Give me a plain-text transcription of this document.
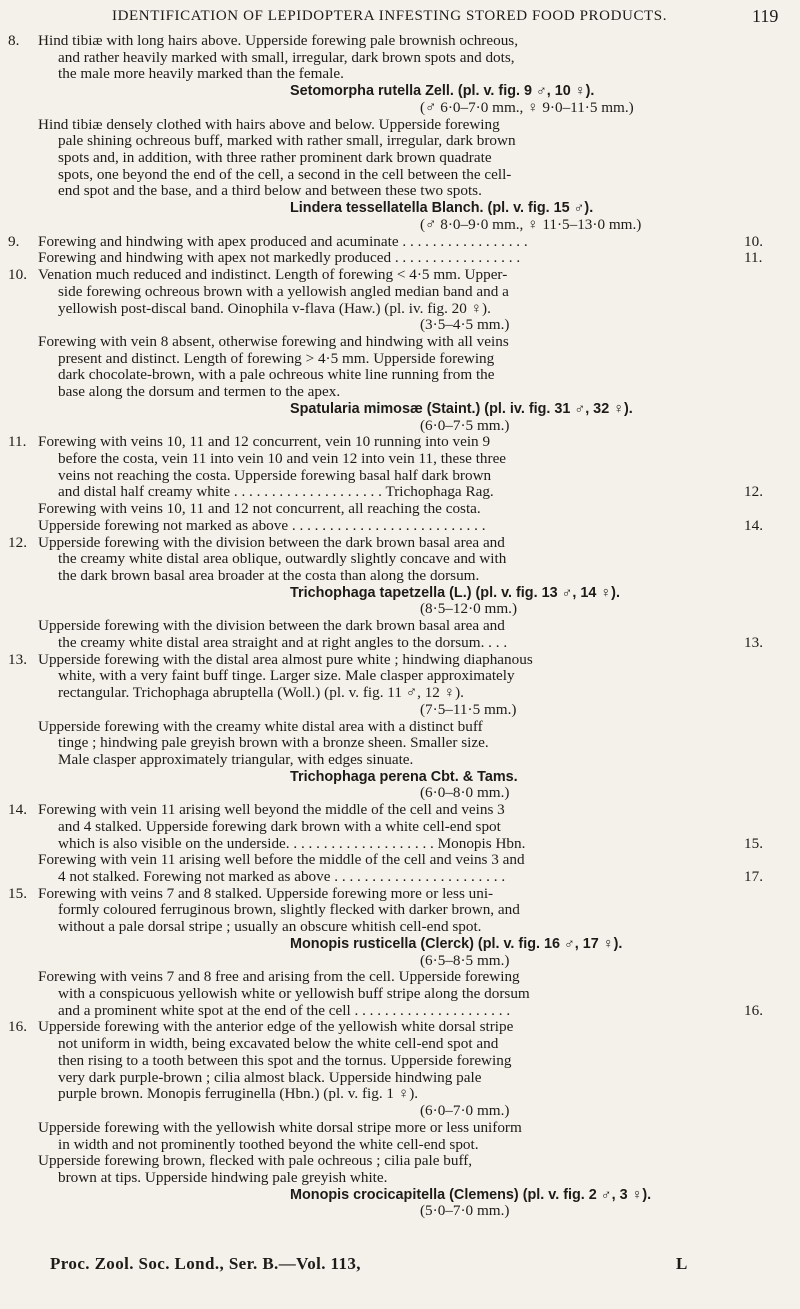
IDENTIFICATION OF LEPIDOPTERA INFESTING STORED FOOD PRODUCTS.	119
8.	Hind tibiæ with long hairs above. Upperside forewing pale brownish ochreous,
and rather heavily marked with small, irregular, dark brown spots and dots,
the male more heavily marked than the female.
Setomorpha rutella Zell. (pl. v. fig. 9 ♂, 10 ♀).
(♂ 6·0–7·0 mm., ♀ 9·0–11·5 mm.)
Hind tibiæ densely clothed with hairs above and below. Upperside forewing
pale shining ochreous buff, marked with rather small, irregular, dark brown
spots and, in addition, with three rather prominent dark brown quadrate
spots, one beyond the end of the cell, a second in the cell between the cell-
end spot and the base, and a third below and between these two spots.
Lindera tessellatella Blanch. (pl. v. fig. 15 ♂).
(♂ 8·0–9·0 mm., ♀ 11·5–13·0 mm.)
9.	Forewing and hindwing with apex produced and acuminate . . . . . . . . . . . . . . . . .	10.
Forewing and hindwing with apex not markedly produced . . . . . . . . . . . . . . . . .	11.
10. Venation much reduced and indistinct. Length of forewing < 4·5 mm. Upper-
side forewing ochreous brown with a yellowish angled median band and a
yellowish post-discal band. Oinophila v-flava (Haw.) (pl. iv. fig. 20 ♀).
(3·5–4·5 mm.)
Forewing with vein 8 absent, otherwise forewing and hindwing with all veins
present and distinct. Length of forewing > 4·5 mm. Upperside forewing
dark chocolate-brown, with a pale ochreous white line running from the
base along the dorsum and termen to the apex.
Spatularia mimosæ (Staint.) (pl. iv. fig. 31 ♂, 32 ♀).
(6·0–7·5 mm.)
11. Forewing with veins 10, 11 and 12 concurrent, vein 10 running into vein 9
before the costa, vein 11 into vein 10 and vein 12 into vein 11, these three
veins not reaching the costa. Upperside forewing basal half dark brown
and distal half creamy white . . . . . . . . . . . . . . . . . . . . Trichophaga Rag.	12.
Forewing with veins 10, 11 and 12 not concurrent, all reaching the costa.
Upperside forewing not marked as above . . . . . . . . . . . . . . . . . . . . . . . . . .	14.
12. Upperside forewing with the division between the dark brown basal area and
the creamy white distal area oblique, outwardly slightly concave and with
the dark brown basal area broader at the costa than along the dorsum.
Trichophaga tapetzella (L.) (pl. v. fig. 13 ♂, 14 ♀).
(8·5–12·0 mm.)
Upperside forewing with the division between the dark brown basal area and
the creamy white distal area straight and at right angles to the dorsum. . . .	13.
13. Upperside forewing with the distal area almost pure white ; hindwing diaphanous
white, with a very faint buff tinge. Larger size. Male clasper approximately
rectangular. Trichophaga abruptella (Woll.) (pl. v. fig. 11 ♂, 12 ♀).
(7·5–11·5 mm.)
Upperside forewing with the creamy white distal area with a distinct buff
tinge ; hindwing pale greyish brown with a bronze sheen. Smaller size.
Male clasper approximately triangular, with edges sinuate.
Trichophaga perena Cbt. & Tams.
(6·0–8·0 mm.)
14. Forewing with vein 11 arising well beyond the middle of the cell and veins 3
and 4 stalked. Upperside forewing dark brown with a white cell-end spot
which is also visible on the underside. . . . . . . . . . . . . . . . . . . . Monopis Hbn.	15.
Forewing with vein 11 arising well before the middle of the cell and veins 3 and
4 not stalked. Forewing not marked as above . . . . . . . . . . . . . . . . . . . . . . .	17.
15. Forewing with veins 7 and 8 stalked. Upperside forewing more or less uni-
formly coloured ferruginous brown, slightly flecked with darker brown, and
without a pale dorsal stripe ; usually an obscure whitish cell-end spot.
Monopis rusticella (Clerck) (pl. v. fig. 16 ♂, 17 ♀).
(6·5–8·5 mm.)
Forewing with veins 7 and 8 free and arising from the cell. Upperside forewing
with a conspicuous yellowish white or yellowish buff stripe along the dorsum
and a prominent white spot at the end of the cell . . . . . . . . . . . . . . . . . . . . .	16.
16. Upperside forewing with the anterior edge of the yellowish white dorsal stripe
not uniform in width, being excavated below the white cell-end spot and
then rising to a tooth between this spot and the tornus. Upperside forewing
very dark purple-brown ; cilia almost black. Upperside hindwing pale
purple brown. Monopis ferruginella (Hbn.) (pl. v. fig. 1 ♀).
(6·0–7·0 mm.)
Upperside forewing with the yellowish white dorsal stripe more or less uniform
in width and not prominently toothed beyond the white cell-end spot.
Upperside forewing brown, flecked with pale ochreous ; cilia pale buff,
brown at tips. Upperside hindwing pale greyish white.
Monopis crocicapitella (Clemens) (pl. v. fig. 2 ♂, 3 ♀).
(5·0–7·0 mm.)
Proc. Zool. Soc. Lond., Ser. B.—Vol. 113,	L
